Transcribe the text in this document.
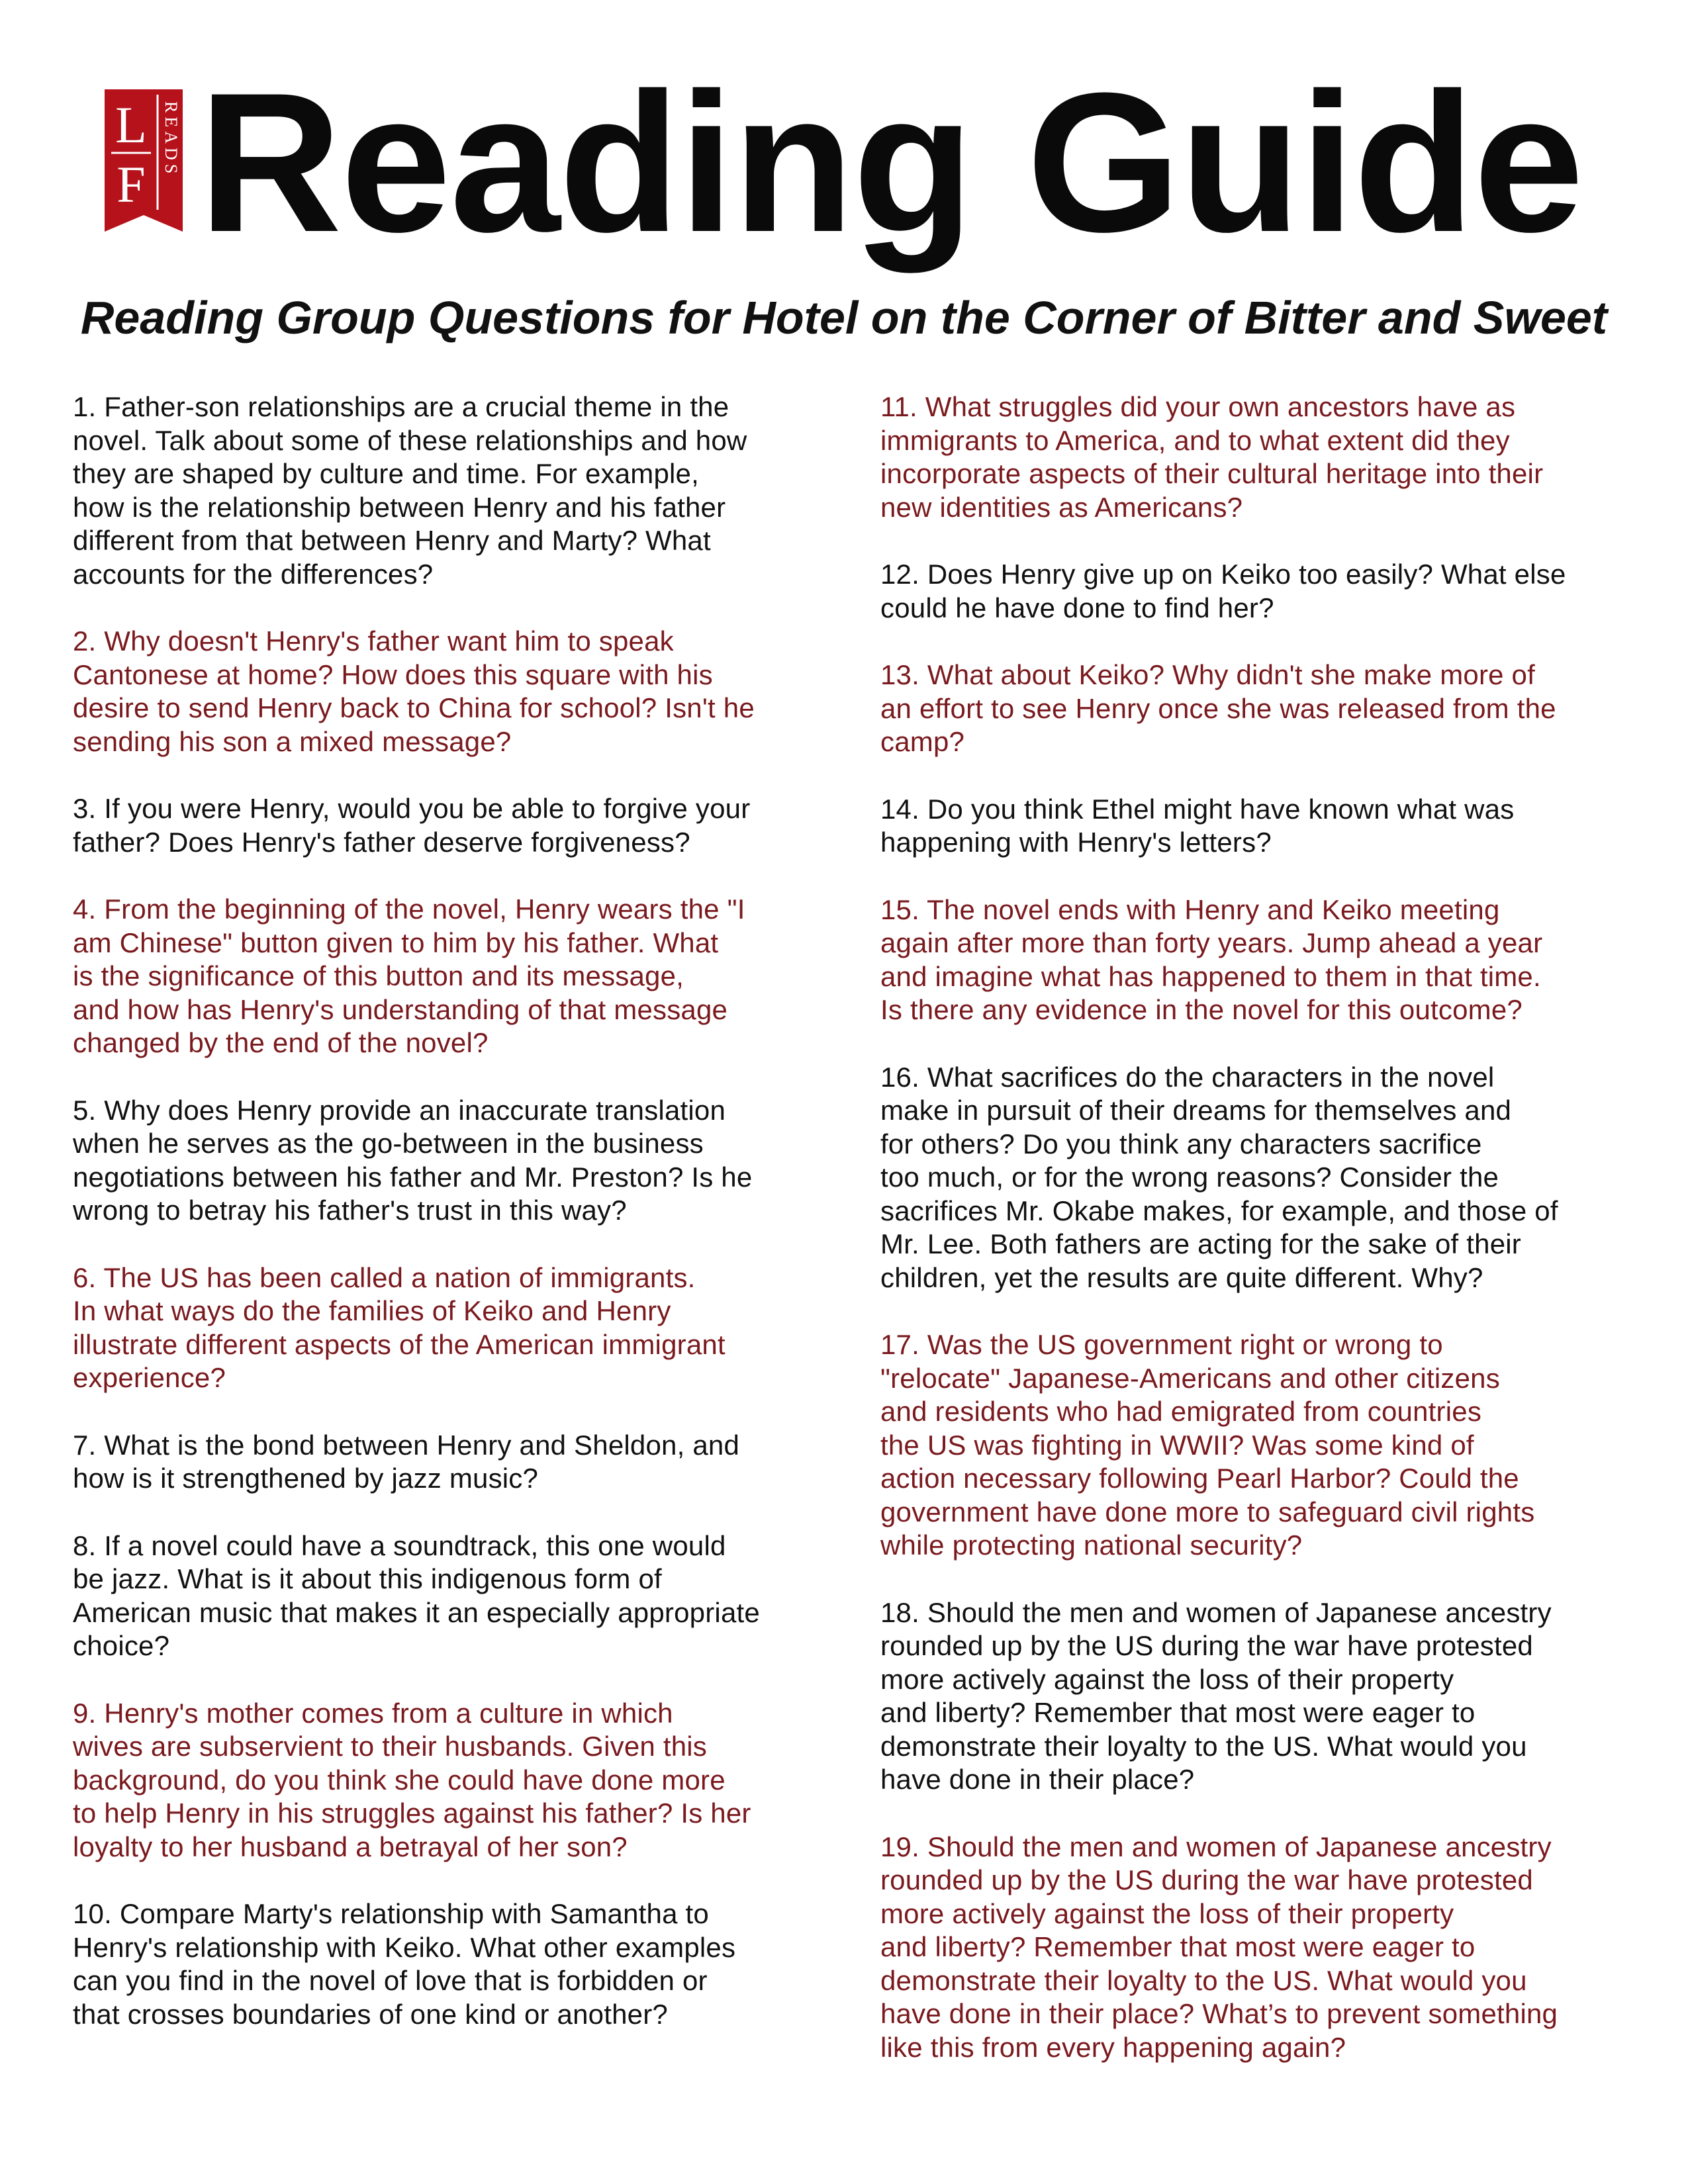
L
F
READS Reading Guide
Reading Group Questions for Hotel on the Corner of Bitter and Sweet

1. Father-son relationships are a crucial theme in the
novel. Talk about some of these relationships and how
they are shaped by culture and time. For example,
how is the relationship between Henry and his father
different from that between Henry and Marty? What
accounts for the differences?

2. Why doesn't Henry's father want him to speak
Cantonese at home? How does this square with his
desire to send Henry back to China for school? Isn't he
sending his son a mixed message?

3. If you were Henry, would you be able to forgive your
father? Does Henry's father deserve forgiveness?

4. From the beginning of the novel, Henry wears the "I
am Chinese" button given to him by his father. What
is the significance of this button and its message,
and how has Henry's understanding of that message
changed by the end of the novel?

5. Why does Henry provide an inaccurate translation
when he serves as the go-between in the business
negotiations between his father and Mr. Preston? Is he
wrong to betray his father's trust in this way?

6. The US has been called a nation of immigrants.
In what ways do the families of Keiko and Henry
illustrate different aspects of the American immigrant
experience?

7. What is the bond between Henry and Sheldon, and
how is it strengthened by jazz music?

8. If a novel could have a soundtrack, this one would
be jazz. What is it about this indigenous form of
American music that makes it an especially appropriate
choice?

9. Henry's mother comes from a culture in which
wives are subservient to their husbands. Given this
background, do you think she could have done more
to help Henry in his struggles against his father? Is her
loyalty to her husband a betrayal of her son?

10. Compare Marty's relationship with Samantha to
Henry's relationship with Keiko. What other examples
can you find in the novel of love that is forbidden or
that crosses boundaries of one kind or another?

11. What struggles did your own ancestors have as
immigrants to America, and to what extent did they
incorporate aspects of their cultural heritage into their
new identities as Americans?

12. Does Henry give up on Keiko too easily? What else
could he have done to find her?

13. What about Keiko? Why didn't she make more of
an effort to see Henry once she was released from the
camp?

14. Do you think Ethel might have known what was
happening with Henry's letters?

15. The novel ends with Henry and Keiko meeting
again after more than forty years. Jump ahead a year
and imagine what has happened to them in that time.
Is there any evidence in the novel for this outcome?

16. What sacrifices do the characters in the novel
make in pursuit of their dreams for themselves and
for others? Do you think any characters sacrifice
too much, or for the wrong reasons? Consider the
sacrifices Mr. Okabe makes, for example, and those of
Mr. Lee. Both fathers are acting for the sake of their
children, yet the results are quite different. Why?

17. Was the US government right or wrong to
"relocate" Japanese-Americans and other citizens
and residents who had emigrated from countries
the US was fighting in WWII? Was some kind of
action necessary following Pearl Harbor? Could the
government have done more to safeguard civil rights
while protecting national security?

18. Should the men and women of Japanese ancestry
rounded up by the US during the war have protested
more actively against the loss of their property
and liberty? Remember that most were eager to
demonstrate their loyalty to the US. What would you
have done in their place?

19. Should the men and women of Japanese ancestry
rounded up by the US during the war have protested
more actively against the loss of their property
and liberty? Remember that most were eager to
demonstrate their loyalty to the US. What would you
have done in their place? What’s to prevent something
like this from every happening again?
